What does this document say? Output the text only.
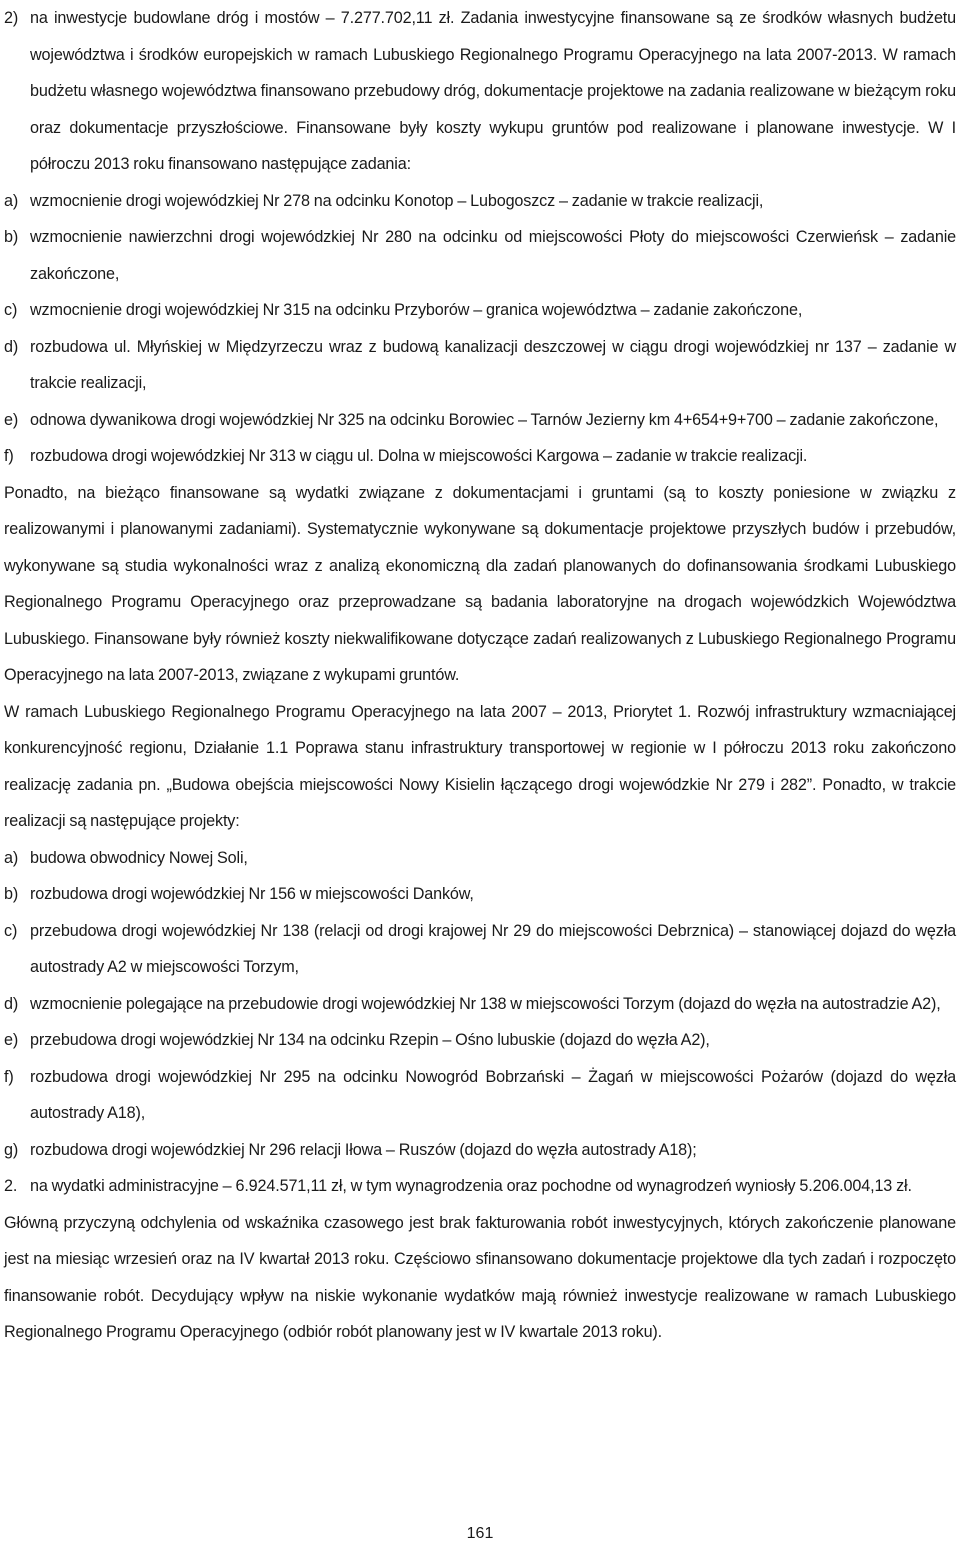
2) na inwestycje budowlane dróg i mostów – 7.277.702,11 zł. Zadania inwestycyjne finansowane są ze środków własnych budżetu województwa i środków europejskich w ramach Lubuskiego Regionalnego Programu Operacyjnego na lata 2007-2013. W ramach budżetu własnego województwa finansowano przebudowy dróg, dokumentacje projektowe na zadania realizowane w bieżącym roku oraz dokumentacje przyszłościowe. Finansowane były koszty wykupu gruntów pod realizowane i planowane inwestycje. W I półroczu 2013 roku finansowano następujące zadania:
a) wzmocnienie drogi wojewódzkiej Nr 278 na odcinku Konotop – Lubogoszcz – zadanie w trakcie realizacji,
b) wzmocnienie nawierzchni drogi wojewódzkiej Nr 280 na odcinku od miejscowości Płoty do miejscowości Czerwieńsk – zadanie zakończone,
c) wzmocnienie drogi wojewódzkiej Nr 315 na odcinku Przyborów – granica województwa – zadanie zakończone,
d) rozbudowa ul. Młyńskiej w Międzyrzeczu wraz z budową kanalizacji deszczowej w ciągu drogi wojewódzkiej nr 137 – zadanie w trakcie realizacji,
e) odnowa dywanikowa drogi wojewódzkiej Nr 325 na odcinku Borowiec – Tarnów Jezierny km 4+654+9+700 – zadanie zakończone,
f)	rozbudowa drogi wojewódzkiej Nr 313 w ciągu ul. Dolna w miejscowości Kargowa – zadanie w trakcie realizacji.

Ponadto, na bieżąco finansowane są wydatki związane z dokumentacjami i gruntami (są to koszty poniesione w związku z realizowanymi i planowanymi zadaniami). Systematycznie wykonywane są dokumentacje projektowe przyszłych budów i przebudów, wykonywane są studia wykonalności wraz z analizą ekonomiczną dla zadań planowanych do dofinansowania środkami Lubuskiego Regionalnego Programu Operacyjnego oraz przeprowadzane są badania laboratoryjne na drogach wojewódzkich Województwa Lubuskiego. Finansowane były również koszty niekwalifikowane dotyczące zadań realizowanych z Lubuskiego Regionalnego Programu Operacyjnego na lata 2007-2013, związane z wykupami gruntów.

W ramach Lubuskiego Regionalnego Programu Operacyjnego na lata 2007 – 2013, Priorytet 1. Rozwój infrastruktury wzmacniającej konkurencyjność regionu, Działanie 1.1 Poprawa stanu infrastruktury transportowej w regionie w I półroczu 2013 roku zakończono realizację zadania pn. „Budowa obejścia miejscowości Nowy Kisielin łączącego drogi wojewódzkie Nr 279 i 282”. Ponadto, w trakcie realizacji są następujące projekty:

a) budowa obwodnicy Nowej Soli,
b) rozbudowa drogi wojewódzkiej Nr 156 w miejscowości Danków,
c) przebudowa drogi wojewódzkiej Nr 138 (relacji od drogi krajowej Nr 29 do miejscowości Debrznica) – stanowiącej dojazd do węzła autostrady A2 w miejscowości Torzym,
d) wzmocnienie polegające na przebudowie drogi wojewódzkiej Nr 138 w miejscowości Torzym (dojazd do węzła na autostradzie A2),
e) przebudowa drogi wojewódzkiej Nr 134 na odcinku Rzepin – Ośno lubuskie (dojazd do węzła A2),
f)	rozbudowa drogi wojewódzkiej Nr 295 na odcinku Nowogród Bobrzański – Żagań w miejscowości Pożarów (dojazd do węzła autostrady A18),
g) rozbudowa drogi wojewódzkiej Nr 296 relacji Iłowa – Ruszów (dojazd do węzła autostrady A18);
2. na wydatki administracyjne – 6.924.571,11 zł, w tym wynagrodzenia oraz pochodne od wynagrodzeń wyniosły 5.206.004,13 zł.

Główną przyczyną odchylenia od wskaźnika czasowego jest brak fakturowania robót inwestycyjnych, których zakończenie planowane jest na miesiąc wrzesień oraz na IV kwartał 2013 roku. Częściowo sfinansowano dokumentacje projektowe dla tych zadań i rozpoczęto finansowanie robót. Decydujący wpływ na niskie wykonanie wydatków mają również inwestycje realizowane w ramach Lubuskiego Regionalnego Programu Operacyjnego (odbiór robót planowany jest w IV kwartale 2013 roku).

161
